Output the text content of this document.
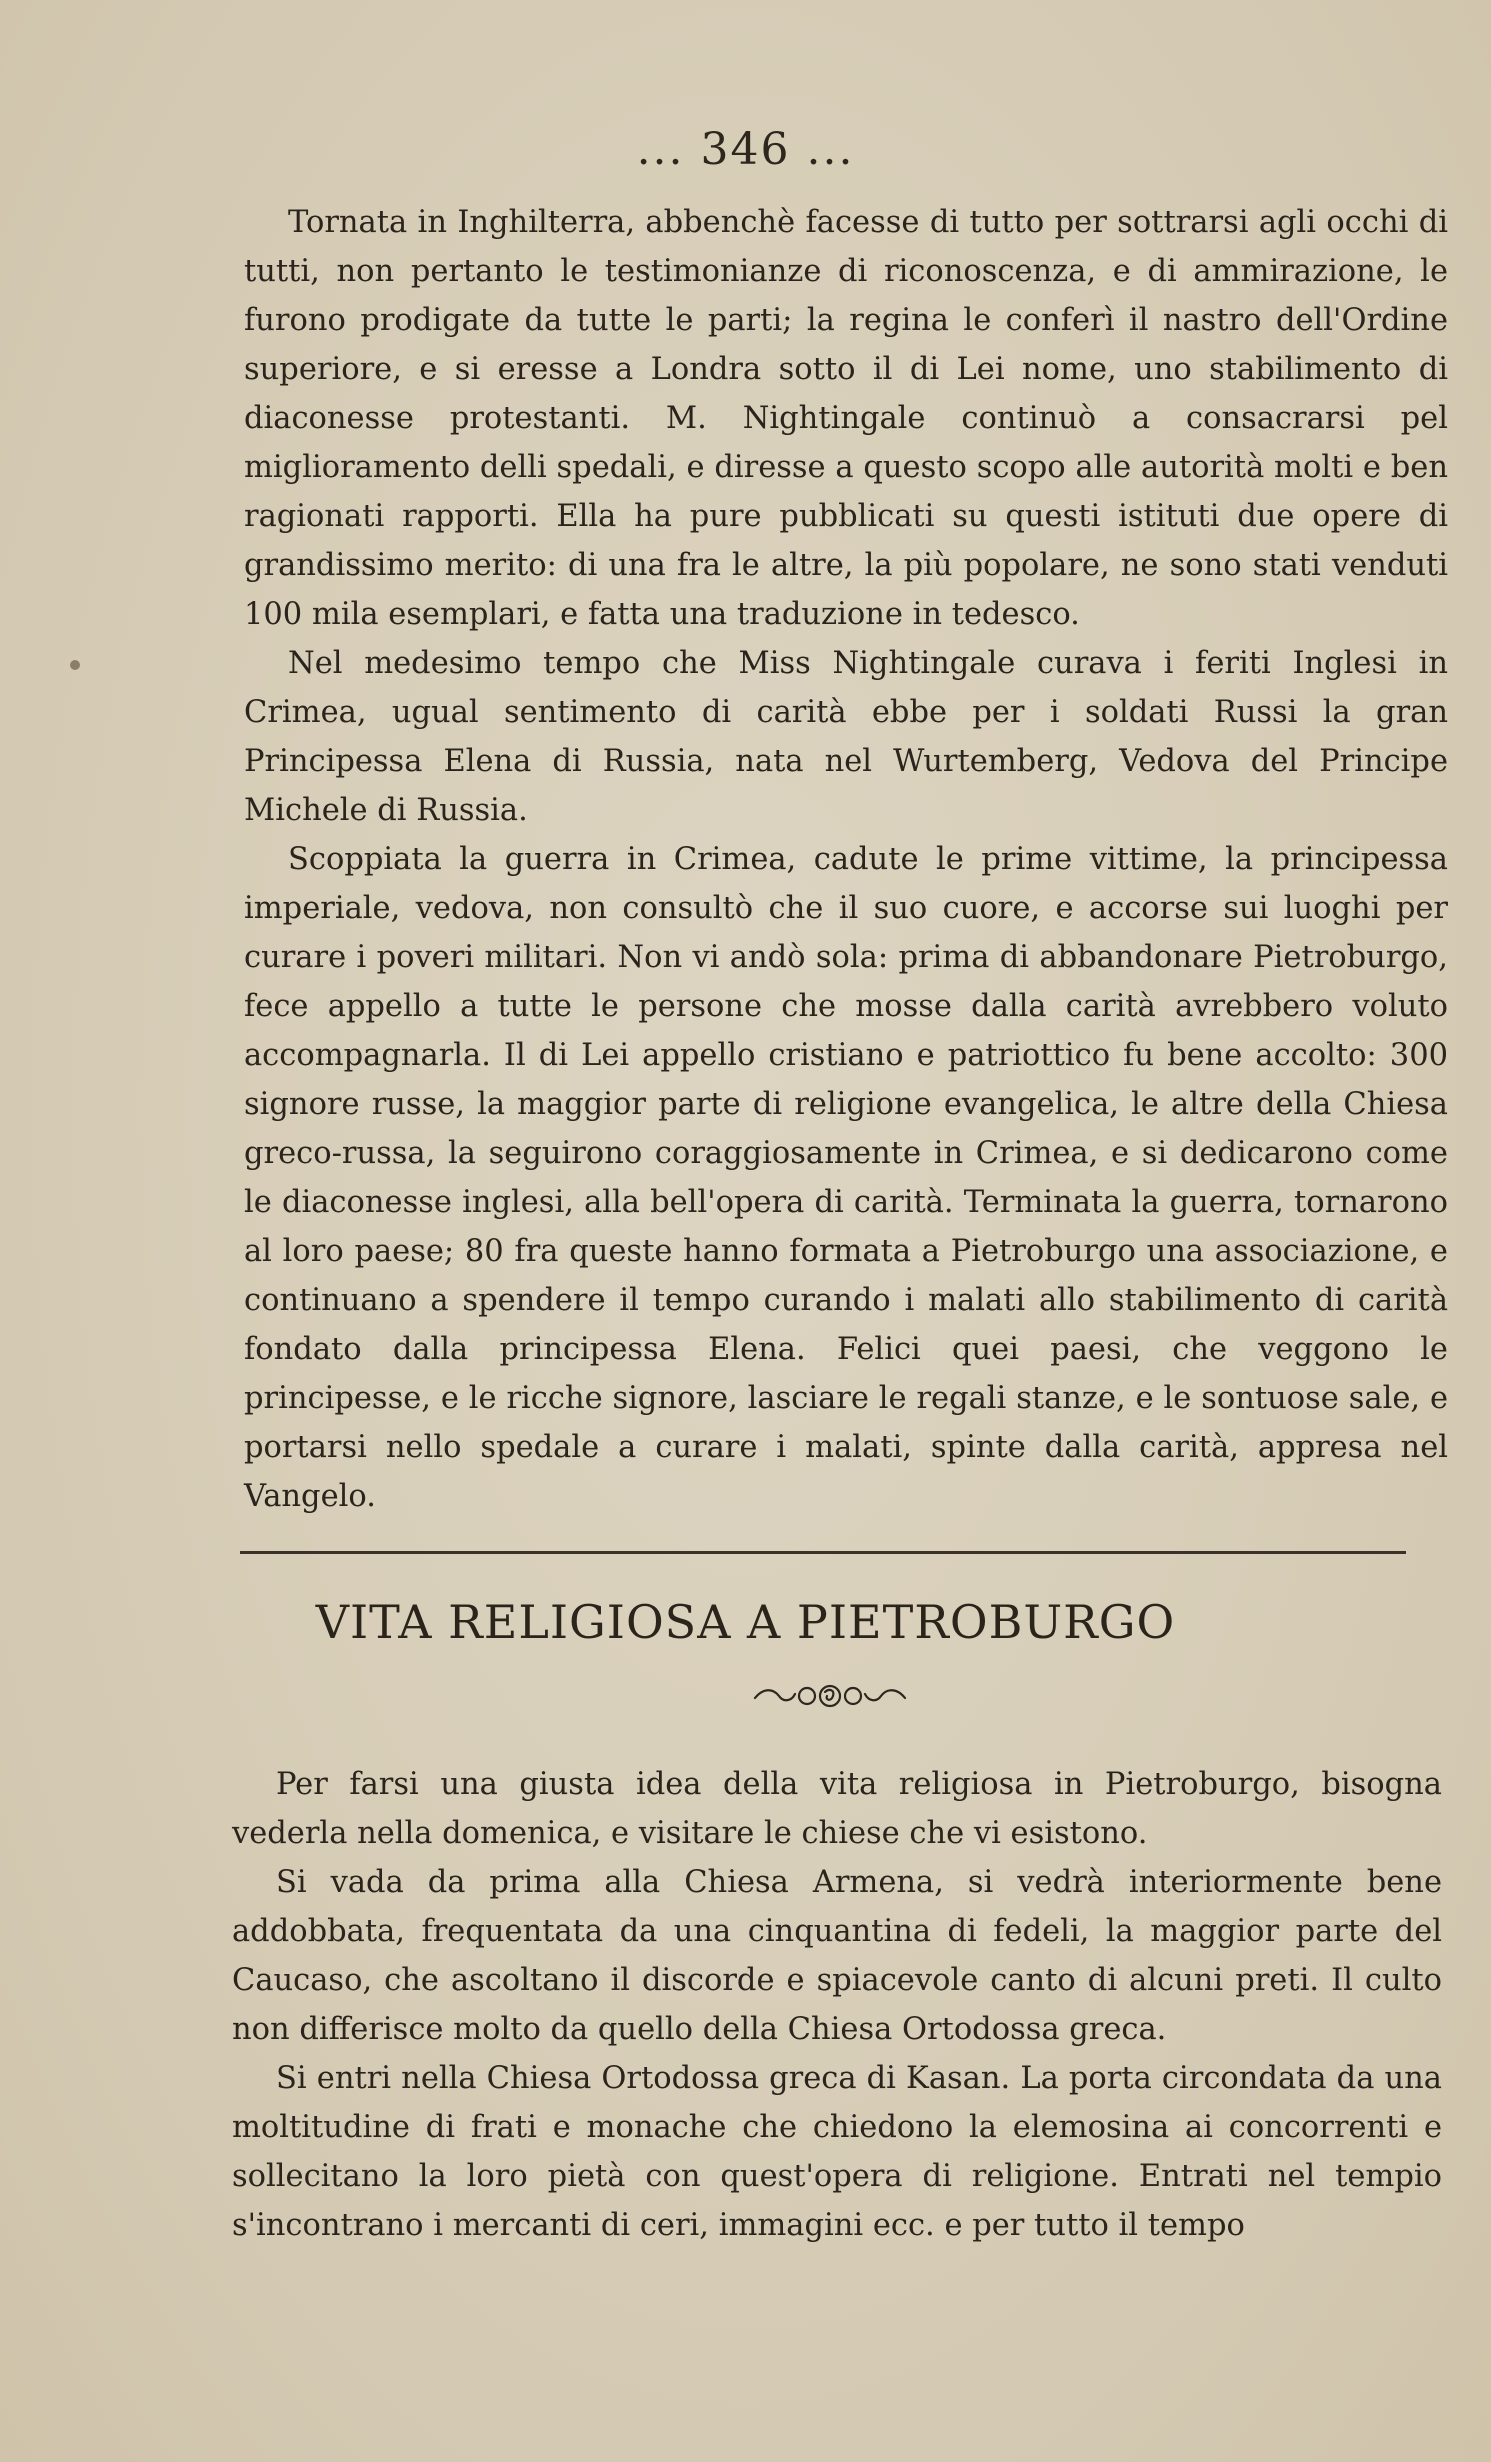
... 346 ...

Tornata in Inghilterra, abbenchè facesse di tutto per sottrarsi agli occhi di tutti, non pertanto le testimonianze di riconoscenza, e di ammirazione, le furono prodigate da tutte le parti; la regina le conferì il nastro dell'Ordine superiore, e si eresse a Londra sotto il di Lei nome, uno stabilimento di diaconesse protestanti. M. Nightingale continuò a consacrarsi pel miglioramento delli spedali, e diresse a questo scopo alle autorità molti e ben ragionati rapporti. Ella ha pure pubblicati su questi istituti due opere di grandissimo merito: di una fra le altre, la più popolare, ne sono stati venduti 100 mila esemplari, e fatta una traduzione in tedesco.

Nel medesimo tempo che Miss Nightingale curava i feriti Inglesi in Crimea, ugual sentimento di carità ebbe per i soldati Russi la gran Principessa Elena di Russia, nata nel Wurtemberg, Vedova del Principe Michele di Russia.

Scoppiata la guerra in Crimea, cadute le prime vittime, la principessa imperiale, vedova, non consultò che il suo cuore, e accorse sui luoghi per curare i poveri militari. Non vi andò sola: prima di abbandonare Pietroburgo, fece appello a tutte le persone che mosse dalla carità avrebbero voluto accompagnarla. Il di Lei appello cristiano e patriottico fu bene accolto: 300 signore russe, la maggior parte di religione evangelica, le altre della Chiesa greco-russa, la seguirono coraggiosamente in Crimea, e si dedicarono come le diaconesse inglesi, alla bell'opera di carità. Terminata la guerra, tornarono al loro paese; 80 fra queste hanno formata a Pietroburgo una associazione, e continuano a spendere il tempo curando i malati allo stabilimento di carità fondato dalla principessa Elena. Felici quei paesi, che veggono le principesse, e le ricche signore, lasciare le regali stanze, e le sontuose sale, e portarsi nello spedale a curare i malati, spinte dalla carità, appresa nel Vangelo.

VITA RELIGIOSA A PIETROBURGO

Per farsi una giusta idea della vita religiosa in Pietroburgo, bisogna vederla nella domenica, e visitare le chiese che vi esistono.

Si vada da prima alla Chiesa Armena, si vedrà interiormente bene addobbata, frequentata da una cinquantina di fedeli, la maggior parte del Caucaso, che ascoltano il discorde e spiacevole canto di alcuni preti. Il culto non differisce molto da quello della Chiesa Ortodossa greca.

Si entri nella Chiesa Ortodossa greca di Kasan. La porta circondata da una moltitudine di frati e monache che chiedono la elemosina ai concorrenti e sollecitano la loro pietà con quest'opera di religione. Entrati nel tempio s'incontrano i mercanti di ceri, immagini ecc. e per tutto il tempo
